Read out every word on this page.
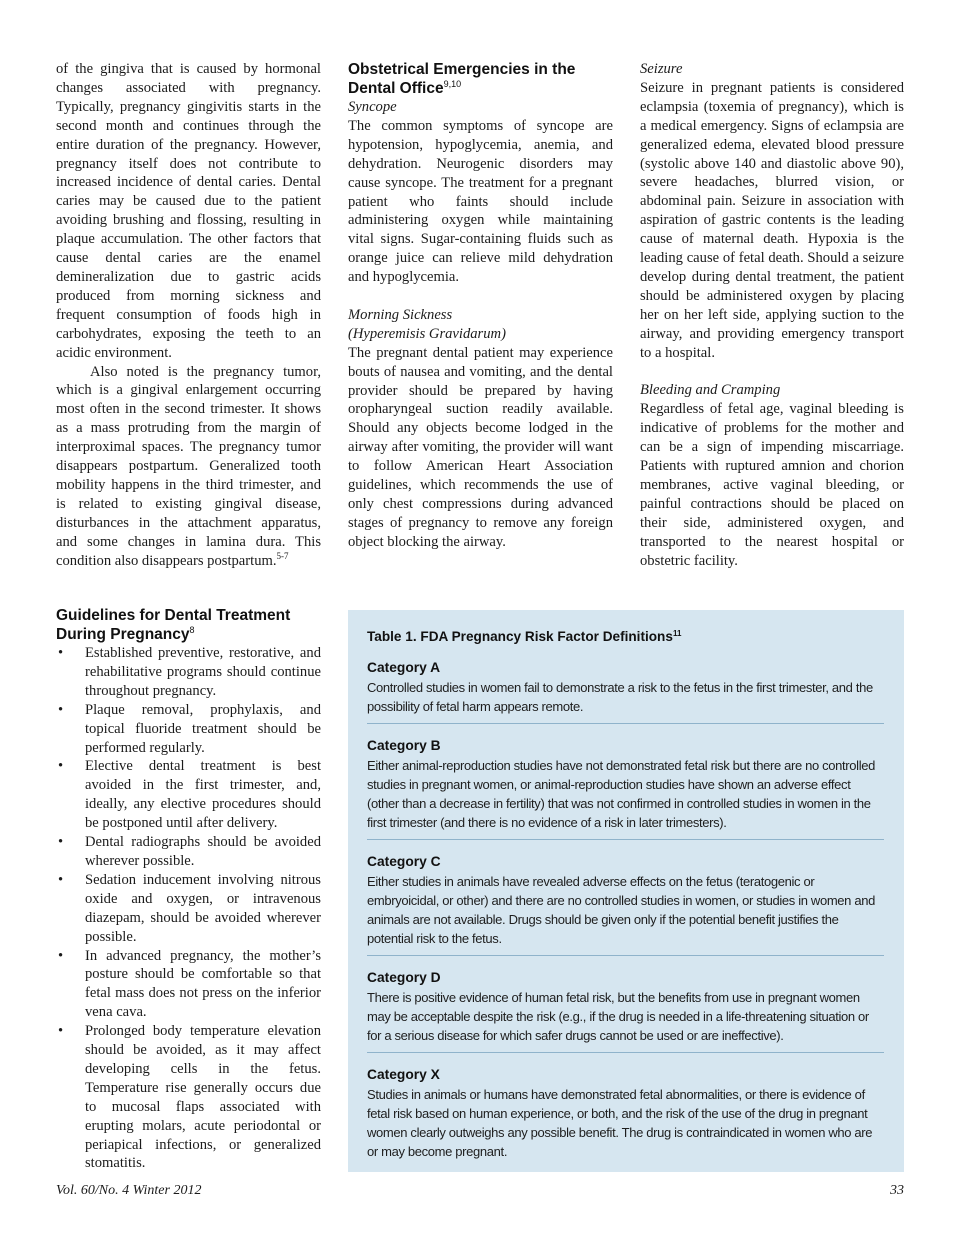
of the gingiva that is caused by hormonal changes associated with pregnancy. Typically, pregnancy gingivitis starts in the second month and continues through the entire duration of the pregnancy. However, pregnancy itself does not contribute to increased incidence of dental caries. Dental caries may be caused due to the patient avoiding brushing and flossing, resulting in plaque accumulation. The other factors that cause dental caries are the enamel demineralization due to gastric acids produced from morning sickness and frequent consumption of foods high in carbohydrates, exposing the teeth to an acidic environment.

Also noted is the pregnancy tumor, which is a gingival enlargement occurring most often in the second trimester. It shows as a mass protruding from the margin of interproximal spaces. The pregnancy tumor disappears postpartum. Generalized tooth mobility happens in the third trimester, and is related to existing gingival disease, disturbances in the attachment apparatus, and some changes in lamina dura. This condition also disappears postpartum.$^{5-7}$

Guidelines for Dental Treatment During Pregnancy$^8$
• Established preventive, restorative, and rehabilitative programs should continue throughout pregnancy.
• Plaque removal, prophylaxis, and topical fluoride treatment should be performed regularly.
• Elective dental treatment is best avoided in the first trimester, and, ideally, any elective procedures should be postponed until after delivery.
• Dental radiographs should be avoided wherever possible.
• Sedation inducement involving nitrous oxide and oxygen, or intravenous diazepam, should be avoided wherever possible.
• In advanced pregnancy, the mother’s posture should be comfortable so that fetal mass does not press on the inferior vena cava.
• Prolonged body temperature elevation should be avoided, as it may affect developing cells in the fetus. Temperature rise generally occurs due to mucosal flaps associated with erupting molars, acute periodontal or periapical infections, or generalized stomatitis.
Obstetrical Emergencies in the Dental Office$^{9,10}$

Syncope

The common symptoms of syncope are hypotension, hypoglycemia, anemia, and dehydration. Neurogenic disorders may cause syncope. The treatment for a pregnant patient who faints should include administering oxygen while maintaining vital signs. Sugar-containing fluids such as orange juice can relieve mild dehydration and hypoglycemia.

Morning Sickness

(Hyperemisis Gravidarum)

The pregnant dental patient may experience bouts of nausea and vomiting, and the dental provider should be prepared by having oropharyngeal suction readily available. Should any objects become lodged in the airway after vomiting, the provider will want to follow American Heart Association guidelines, which recommends the use of only chest compressions during advanced stages of pregnancy to remove any foreign object blocking the airway.

Seizure

Seizure in pregnant patients is considered eclampsia (toxemia of pregnancy), which is a medical emergency. Signs of eclampsia are generalized edema, elevated blood pressure (systolic above 140 and diastolic above 90), severe headaches, blurred vision, or abdominal pain. Seizure in association with aspiration of gastric contents is the leading cause of maternal death. Hypoxia is the leading cause of fetal death. Should a seizure develop during dental treatment, the patient should be administered oxygen by placing her on her left side, applying suction to the airway, and providing emergency transport to a hospital.

Bleeding and Cramping

Regardless of fetal age, vaginal bleeding is indicative of problems for the mother and can be a sign of impending miscarriage. Patients with ruptured amnion and chorion membranes, active vaginal bleeding, or painful contractions should be placed on their side, administered oxygen, and transported to the nearest hospital or obstetric facility.

Table 1. FDA Pregnancy Risk Factor Definitions$^{11}$

Category A

Controlled studies in women fail to demonstrate a risk to the fetus in the first trimester, and the possibility of fetal harm appears remote.

Category B

Either animal-reproduction studies have not demonstrated fetal risk but there are no controlled studies in pregnant women, or animal-reproduction studies have shown an adverse effect (other than a decrease in fertility) that was not confirmed in controlled studies in women in the first trimester (and there is no evidence of a risk in later trimesters).

Category C

Either studies in animals have revealed adverse effects on the fetus (teratogenic or embryoicidal, or other) and there are no controlled studies in women, or studies in women and animals are not available. Drugs should be given only if the potential benefit justifies the potential risk to the fetus.

Category D

There is positive evidence of human fetal risk, but the benefits from use in pregnant women may be acceptable despite the risk (e.g., if the drug is needed in a life-threatening situation or for a serious disease for which safer drugs cannot be used or are ineffective).

Category X

Studies in animals or humans have demonstrated fetal abnormalities, or there is evidence of fetal risk based on human experience, or both, and the risk of the use of the drug in pregnant women clearly outweighs any possible benefit. The drug is contraindicated in women who are or may become pregnant.

Vol. 60/No. 4 Winter 2012	33
